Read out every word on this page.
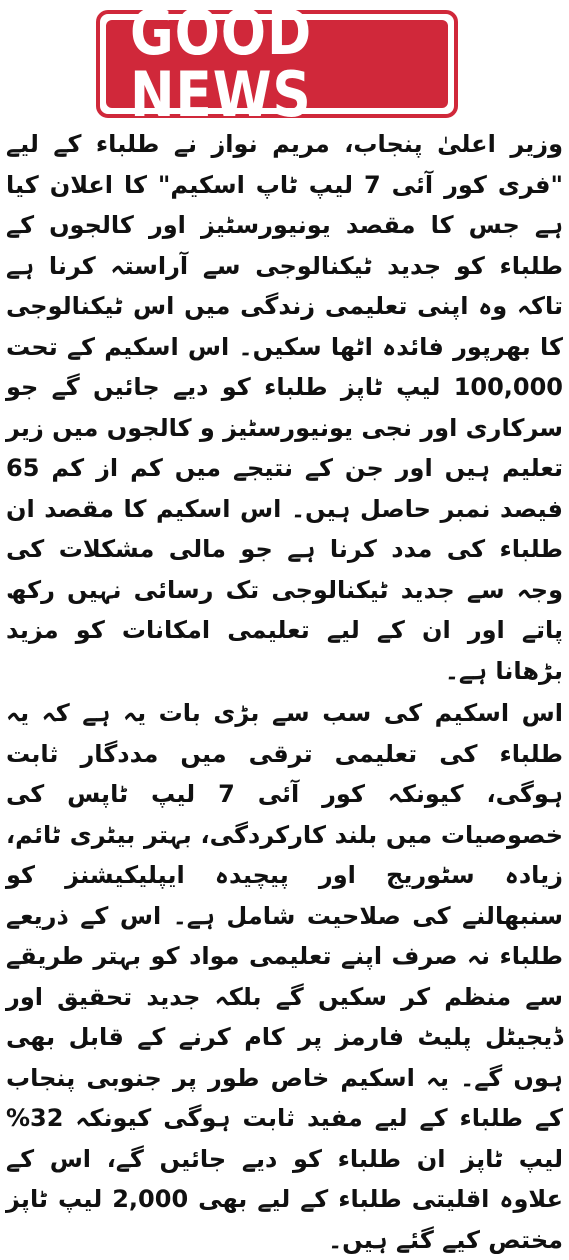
GOOD NEWS

وزیر اعلیٰ پنجاب، مریم نواز نے طلباء کے لیے "فری کور آئی 7 لیپ ٹاپ اسکیم" کا اعلان کیا ہے جس کا مقصد یونیورسٹیز اور کالجوں کے طلباء کو جدید ٹیکنالوجی سے آراستہ کرنا ہے تاکہ وہ اپنی تعلیمی زندگی میں اس ٹیکنالوجی کا بھرپور فائدہ اٹھا سکیں۔ اس اسکیم کے تحت 100,000 لیپ ٹاپز طلباء کو دیے جائیں گے جو سرکاری اور نجی یونیورسٹیز و کالجوں میں زیر تعلیم ہیں اور جن کے نتیجے میں کم از کم 65 فیصد نمبر حاصل ہیں۔ اس اسکیم کا مقصد ان طلباء کی مدد کرنا ہے جو مالی مشکلات کی وجہ سے جدید ٹیکنالوجی تک رسائی نہیں رکھ پاتے اور ان کے لیے تعلیمی امکانات کو مزید بڑھانا ہے۔

اس اسکیم کی سب سے بڑی بات یہ ہے کہ یہ طلباء کی تعلیمی ترقی میں مددگار ثابت ہوگی، کیونکہ کور آئی 7 لیپ ٹاپس کی خصوصیات میں بلند کارکردگی، بہتر بیٹری ٹائم، زیادہ سٹوریج اور پیچیدہ ایپلیکیشنز کو سنبھالنے کی صلاحیت شامل ہے۔ اس کے ذریعے طلباء نہ صرف اپنے تعلیمی مواد کو بہتر طریقے سے منظم کر سکیں گے بلکہ جدید تحقیق اور ڈیجیٹل پلیٹ فارمز پر کام کرنے کے قابل بھی ہوں گے۔ یہ اسکیم خاص طور پر جنوبی پنجاب کے طلباء کے لیے مفید ثابت ہوگی کیونکہ 32% لیپ ٹاپز ان طلباء کو دیے جائیں گے، اس کے علاوہ اقلیتی طلباء کے لیے بھی 2,000 لیپ ٹاپز مختص کیے گئے ہیں۔
